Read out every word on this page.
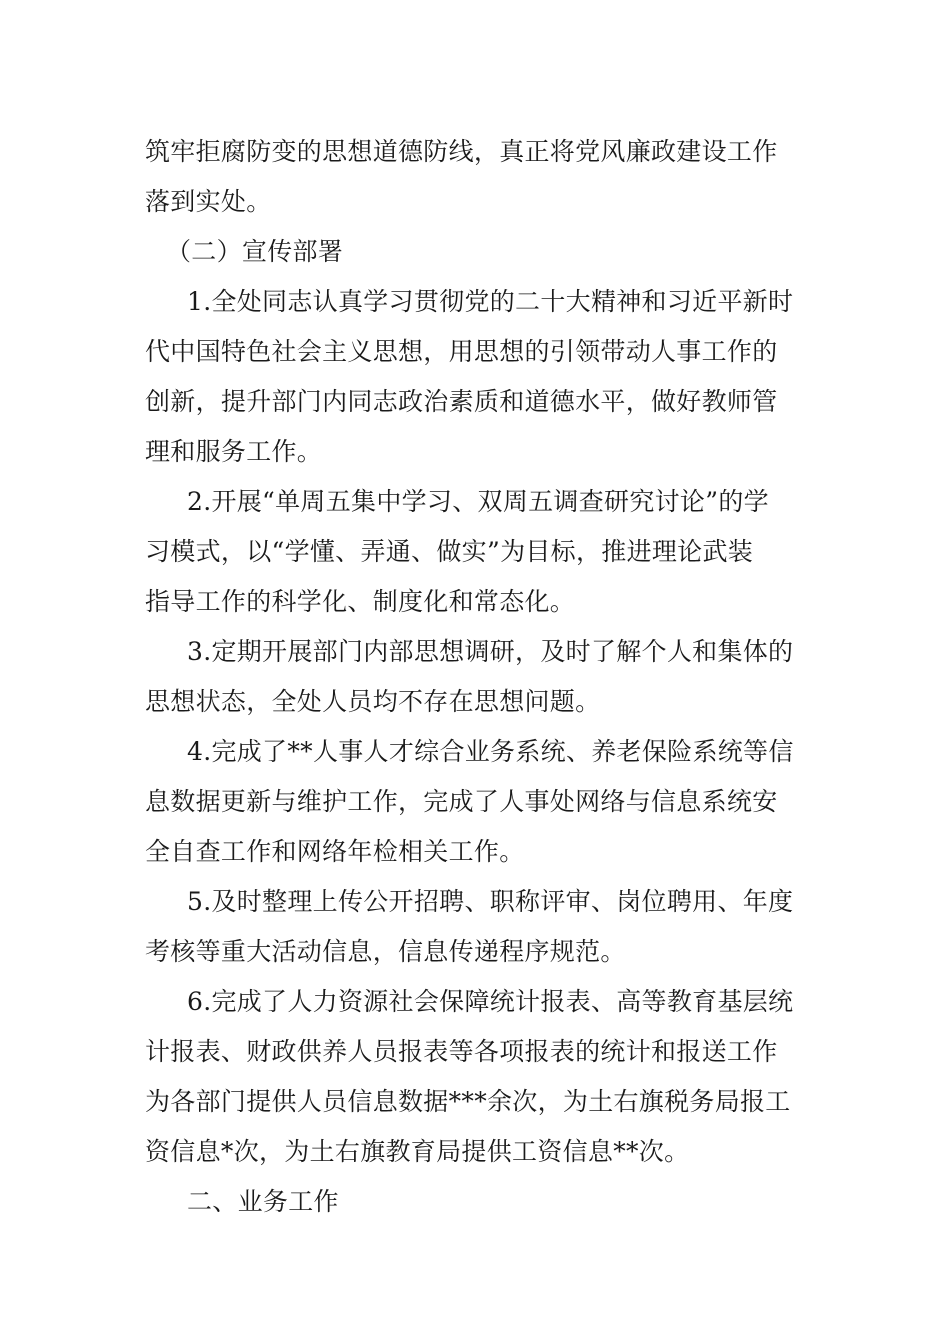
筑牢拒腐防变的思想道德防线，真正将党风廉政建设工作
落到实处。
（二）宣传部署
1.全处同志认真学习贯彻党的二十大精神和习近平新时
代中国特色社会主义思想，用思想的引领带动人事工作的
创新，提升部门内同志政治素质和道德水平，做好教师管
理和服务工作。
2.开展“单周五集中学习、双周五调查研究讨论”的学
习模式，以“学懂、弄通、做实”为目标，推进理论武装
指导工作的科学化、制度化和常态化。
3.定期开展部门内部思想调研，及时了解个人和集体的
思想状态，全处人员均不存在思想问题。
4.完成了**人事人才综合业务系统、养老保险系统等信
息数据更新与维护工作，完成了人事处网络与信息系统安
全自查工作和网络年检相关工作。
5.及时整理上传公开招聘、职称评审、岗位聘用、年度
考核等重大活动信息，信息传递程序规范。
6.完成了人力资源社会保障统计报表、高等教育基层统
计报表、财政供养人员报表等各项报表的统计和报送工作
为各部门提供人员信息数据***余次，为土右旗税务局报工
资信息*次，为土右旗教育局提供工资信息**次。
二、业务工作
